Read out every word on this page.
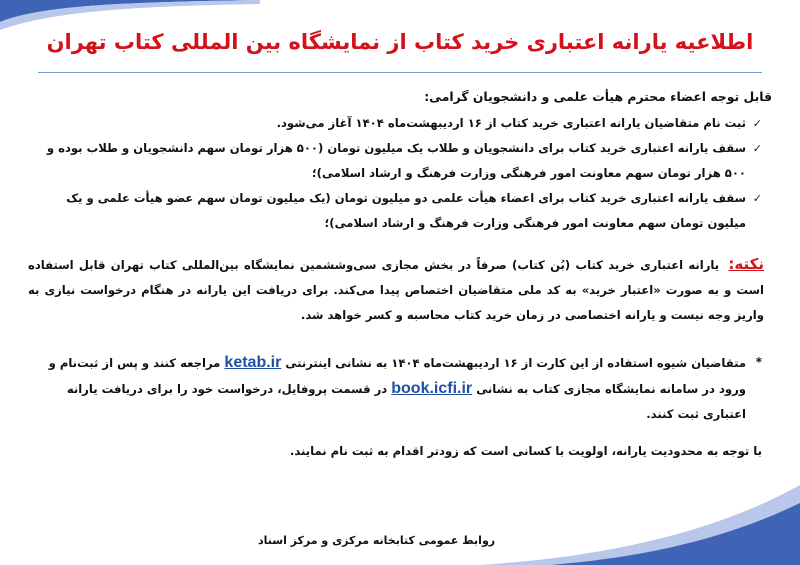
اطلاعیه یارانه اعتباری خرید کتاب از نمایشگاه بین المللی کتاب تهران

قابل توجه اعضاء محترم هیأت علمی و دانشجویان گرامی:

✓
ثبت نام متقاضیان یارانه اعتباری خرید کتاب از ۱۶ اردیبهشت‌ماه ۱۴۰۴ آغاز می‌شود.
✓
سقف یارانه اعتباری خرید کتاب برای دانشجویان و طلاب یک میلیون تومان (۵۰۰ هزار تومان سهم دانشجویان و طلاب بوده و ۵۰۰ هزار تومان سهم معاونت امور فرهنگی وزارت فرهنگ و ارشاد اسلامی)؛
✓
سقف یارانه اعتباری خرید کتاب برای اعضاء هیأت علمی دو میلیون تومان (یک میلیون تومان سهم عضو هیأت علمی و یک میلیون تومان سهم معاونت امور فرهنگی وزارت فرهنگ و ارشاد اسلامی)؛

نکته: یارانه اعتباری خرید کتاب (بُن کتاب) صرفاً در بخش مجازی سی‌وششمین نمایشگاه بین‌المللی کتاب تهران قابل استفاده است و به صورت «اعتبار خرید» به کد ملی متقاضیان اختصاص پیدا می‌کند. برای دریافت این یارانه در هنگام درخواست نیازی به واریز وجه نیست و یارانه اختصاصی در زمان خرید کتاب محاسبه و کسر خواهد شد.

*
متقاضیان شیوه استفاده از این کارت از ۱۶ اردیبهشت‌ماه ۱۴۰۴ به نشانی اینترنتی ketab.ir مراجعه کنند و پس از ثبت‌نام و ورود در سامانه نمایشگاه مجازی کتاب به نشانی book.icfi.ir در قسمت پروفایل، درخواست خود را برای دریافت یارانه اعتباری ثبت کنند.

با توجه به محدودیت یارانه، اولویت با کسانی است که زودتر اقدام به ثبت نام نمایند.

روابط عمومی کتابخانه مرکزی و مرکز اسناد
